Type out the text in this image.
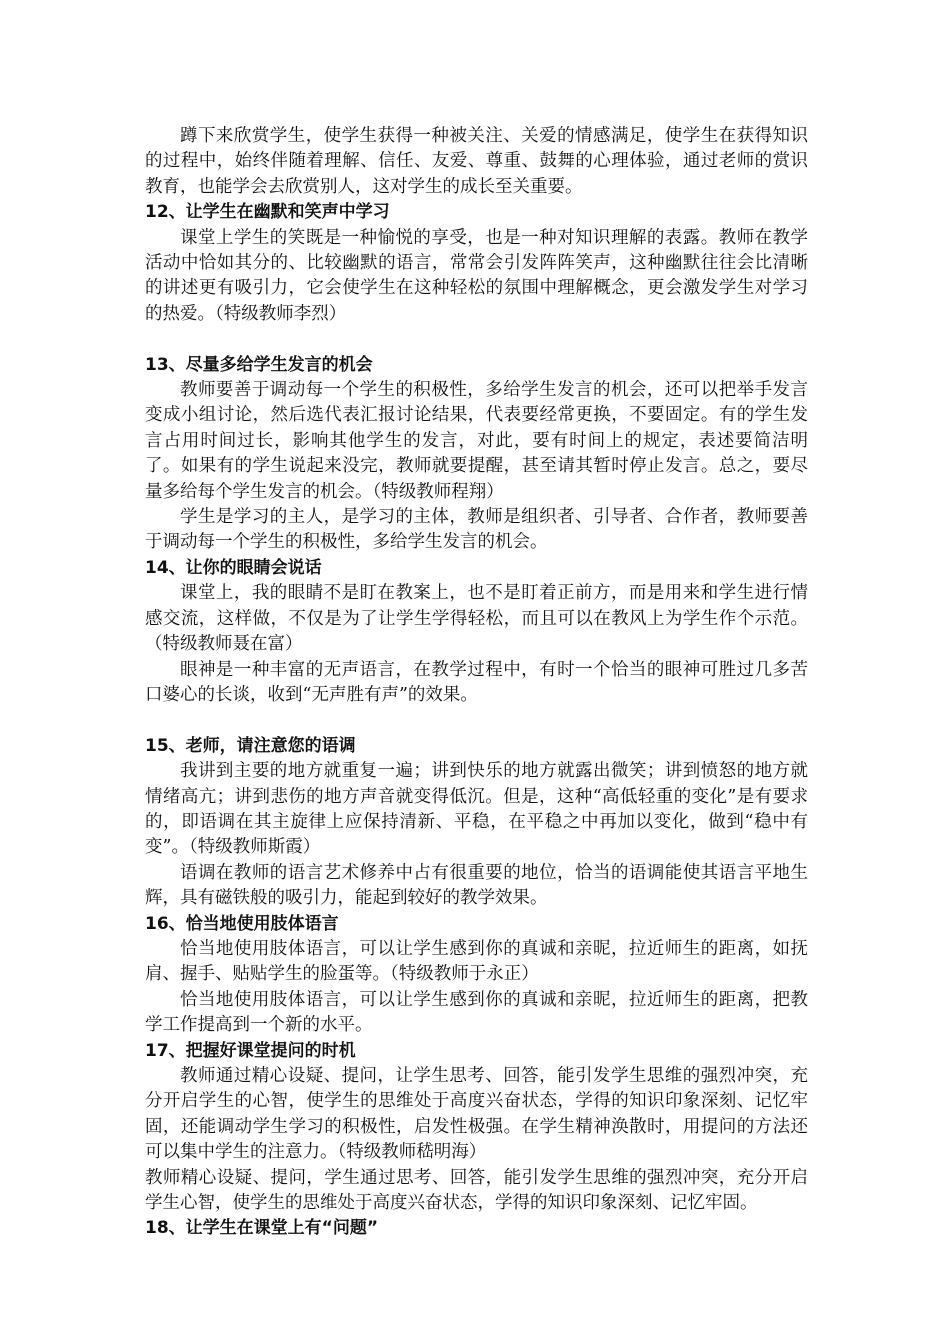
蹲下来欣赏学生，使学生获得一种被关注、关爱的情感满足，使学生在获得知识的过程中，始终伴随着理解、信任、友爱、尊重、鼓舞的心理体验，通过老师的赏识教育，也能学会去欣赏别人，这对学生的成长至关重要。

12、让学生在幽默和笑声中学习

课堂上学生的笑既是一种愉悦的享受，也是一种对知识理解的表露。教师在教学活动中恰如其分的、比较幽默的语言，常常会引发阵阵笑声，这种幽默往往会比清晰的讲述更有吸引力，它会使学生在这种轻松的氛围中理解概念，更会激发学生对学习的热爱。（特级教师李烈）

13、尽量多给学生发言的机会

教师要善于调动每一个学生的积极性，多给学生发言的机会，还可以把举手发言变成小组讨论，然后选代表汇报讨论结果，代表要经常更换，不要固定。有的学生发言占用时间过长，影响其他学生的发言，对此，要有时间上的规定，表述要简洁明了。如果有的学生说起来没完，教师就要提醒，甚至请其暂时停止发言。总之，要尽量多给每个学生发言的机会。（特级教师程翔）

学生是学习的主人，是学习的主体，教师是组织者、引导者、合作者，教师要善于调动每一个学生的积极性，多给学生发言的机会。

14、让你的眼睛会说话

课堂上，我的眼睛不是盯在教案上，也不是盯着正前方，而是用来和学生进行情感交流，这样做，不仅是为了让学生学得轻松，而且可以在教风上为学生作个示范。（特级教师聂在富）

眼神是一种丰富的无声语言，在教学过程中，有时一个恰当的眼神可胜过几多苦口婆心的长谈，收到“无声胜有声”的效果。

15、老师，请注意您的语调

我讲到主要的地方就重复一遍；讲到快乐的地方就露出微笑；讲到愤怒的地方就情绪高亢；讲到悲伤的地方声音就变得低沉。但是，这种“高低轻重的变化”是有要求的，即语调在其主旋律上应保持清新、平稳，在平稳之中再加以变化，做到“稳中有变”。（特级教师斯霞）

语调在教师的语言艺术修养中占有很重要的地位，恰当的语调能使其语言平地生辉，具有磁铁般的吸引力，能起到较好的教学效果。

16、恰当地使用肢体语言

恰当地使用肢体语言，可以让学生感到你的真诚和亲昵，拉近师生的距离，如抚肩、握手、贴贴学生的脸蛋等。（特级教师于永正）

恰当地使用肢体语言，可以让学生感到你的真诚和亲昵，拉近师生的距离，把教学工作提高到一个新的水平。

17、把握好课堂提问的时机

教师通过精心设疑、提问，让学生思考、回答，能引发学生思维的强烈冲突，充分开启学生的心智，使学生的思维处于高度兴奋状态，学得的知识印象深刻、记忆牢固，还能调动学生学习的积极性，启发性极强。在学生精神涣散时，用提问的方法还可以集中学生的注意力。（特级教师嵇明海）

教师精心设疑、提问，学生通过思考、回答，能引发学生思维的强烈冲突，充分开启学生心智，使学生的思维处于高度兴奋状态，学得的知识印象深刻、记忆牢固。

18、让学生在课堂上有“问题”
